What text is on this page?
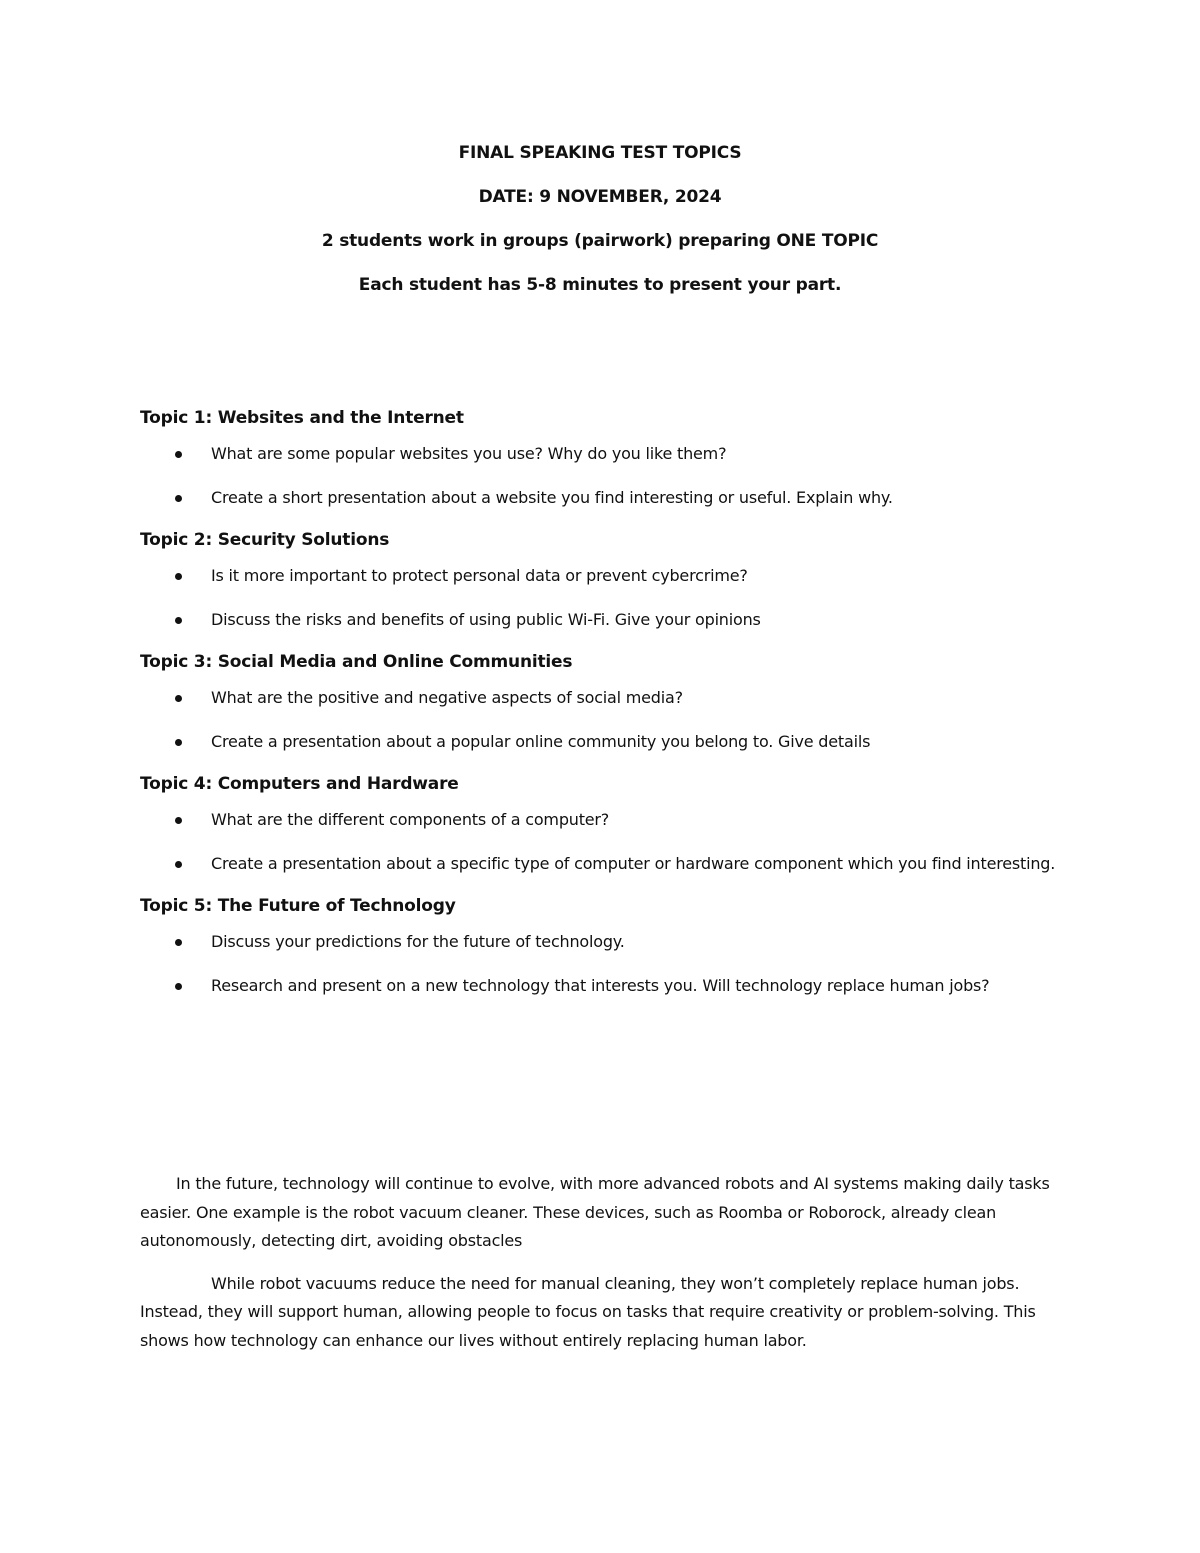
FINAL SPEAKING TEST TOPICS
DATE: 9 NOVEMBER, 2024
2 students work in groups (pairwork) preparing ONE TOPIC
Each student has 5-8 minutes to present your part.
Topic 1: Websites and the Internet
What are some popular websites you use? Why do you like them?
Create a short presentation about a website you find interesting or useful. Explain why.
Topic 2: Security Solutions
Is it more important to protect personal data or prevent cybercrime?
Discuss the risks and benefits of using public Wi-Fi. Give your opinions
Topic 3: Social Media and Online Communities
What are the positive and negative aspects of social media?
Create a presentation about a popular online community you belong to. Give details
Topic 4: Computers and Hardware
What are the different components of a computer?
Create a presentation about a specific type of computer or hardware component which you find interesting.
Topic 5: The Future of Technology
Discuss your predictions for the future of technology.
Research and present on a new technology that interests you. Will technology replace human jobs?

In the future, technology will continue to evolve, with more advanced robots and AI systems making daily tasks easier. One example is the robot vacuum cleaner. These devices, such as Roomba or Roborock, already clean autonomously, detecting dirt, avoiding obstacles

While robot vacuums reduce the need for manual cleaning, they won’t completely replace human jobs. Instead, they will support human, allowing people to focus on tasks that require creativity or problem-solving. This shows how technology can enhance our lives without entirely replacing human labor.
